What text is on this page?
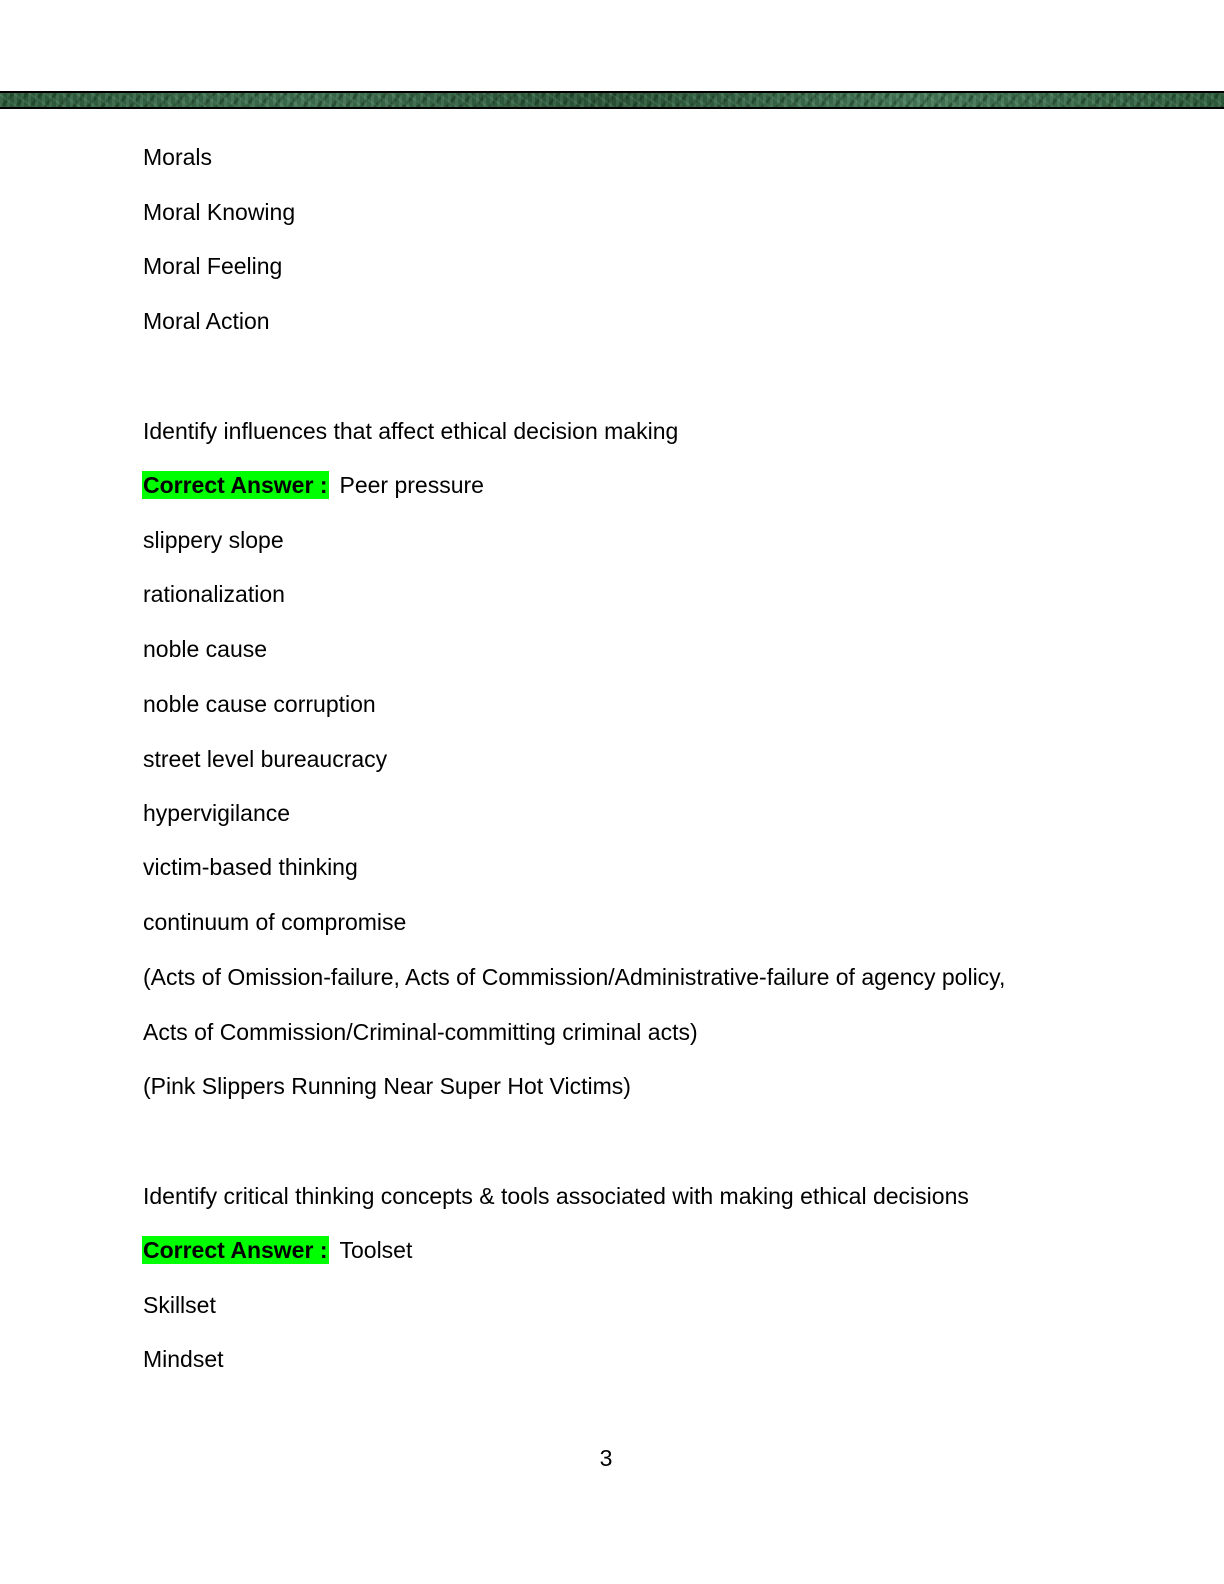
Morals
Moral Knowing
Moral Feeling
Moral Action
Identify influences that affect ethical decision making
Correct Answer : Peer pressure
slippery slope
rationalization
noble cause
noble cause corruption
street level bureaucracy
hypervigilance
victim-based thinking
continuum of compromise
(Acts of Omission-failure, Acts of Commission/Administrative-failure of agency policy,
Acts of Commission/Criminal-committing criminal acts)
(Pink Slippers Running Near Super Hot Victims)
Identify critical thinking concepts & tools associated with making ethical decisions
Correct Answer : Toolset
Skillset
Mindset
3
